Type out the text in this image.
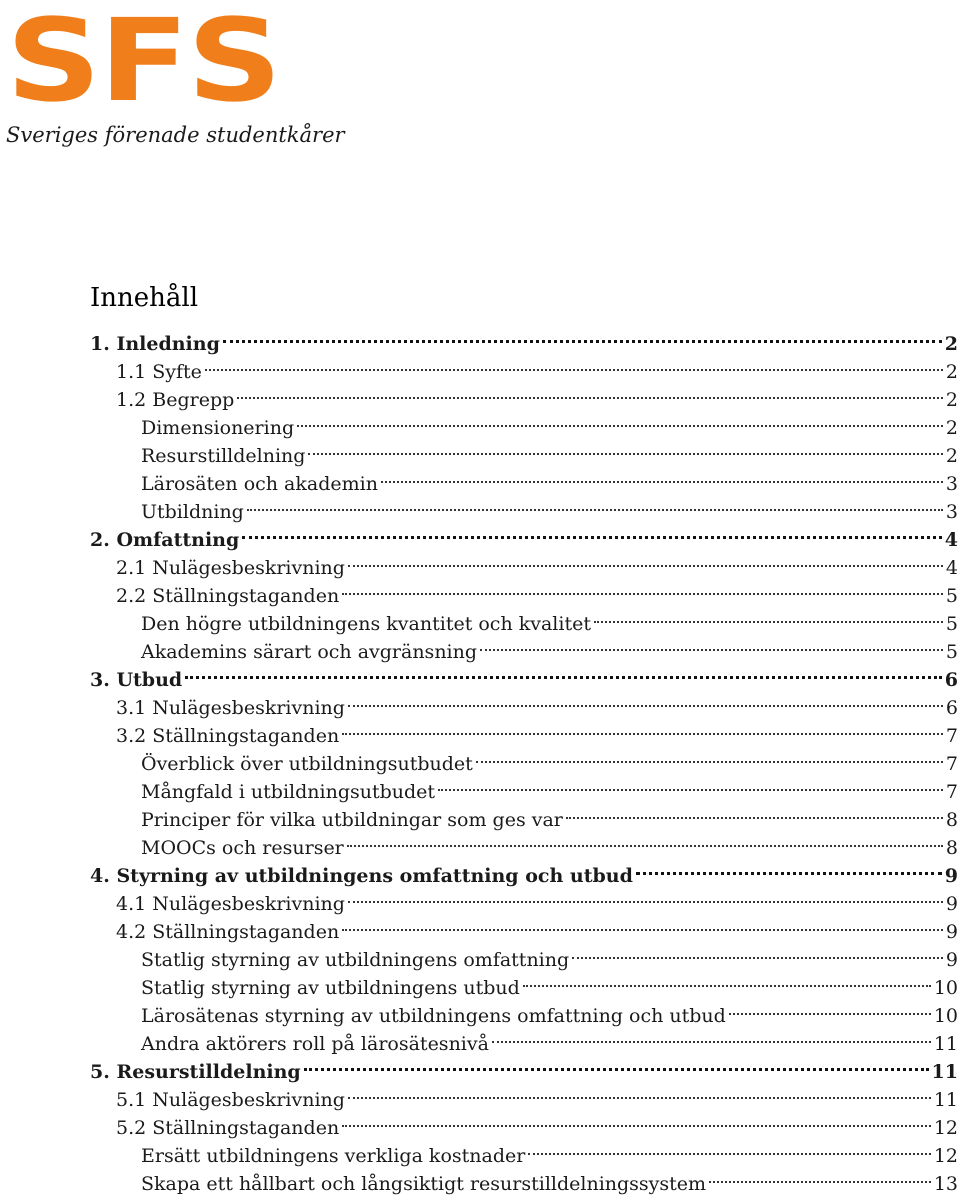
SFS
Sveriges förenade studentkårer
Innehåll
1. Inledning	2
1.1 Syfte	2
1.2 Begrepp	2
Dimensionering	2
Resurstilldelning	2
Lärosäten och akademin	3
Utbildning	3
2. Omfattning	4
2.1 Nulägesbeskrivning	4
2.2 Ställningstaganden	5
Den högre utbildningens kvantitet och kvalitet	5
Akademins särart och avgränsning	5
3. Utbud	6
3.1 Nulägesbeskrivning	6
3.2 Ställningstaganden	7
Överblick över utbildningsutbudet	7
Mångfald i utbildningsutbudet	7
Principer för vilka utbildningar som ges var	8
MOOCs och resurser	8
4. Styrning av utbildningens omfattning och utbud	9
4.1 Nulägesbeskrivning	9
4.2 Ställningstaganden	9
Statlig styrning av utbildningens omfattning	9
Statlig styrning av utbildningens utbud	10
Lärosätenas styrning av utbildningens omfattning och utbud	10
Andra aktörers roll på lärosätesnivå	11
5. Resurstilldelning	11
5.1 Nulägesbeskrivning	11
5.2 Ställningstaganden	12
Ersätt utbildningens verkliga kostnader	12
Skapa ett hållbart och långsiktigt resurstilldelningssystem	13
